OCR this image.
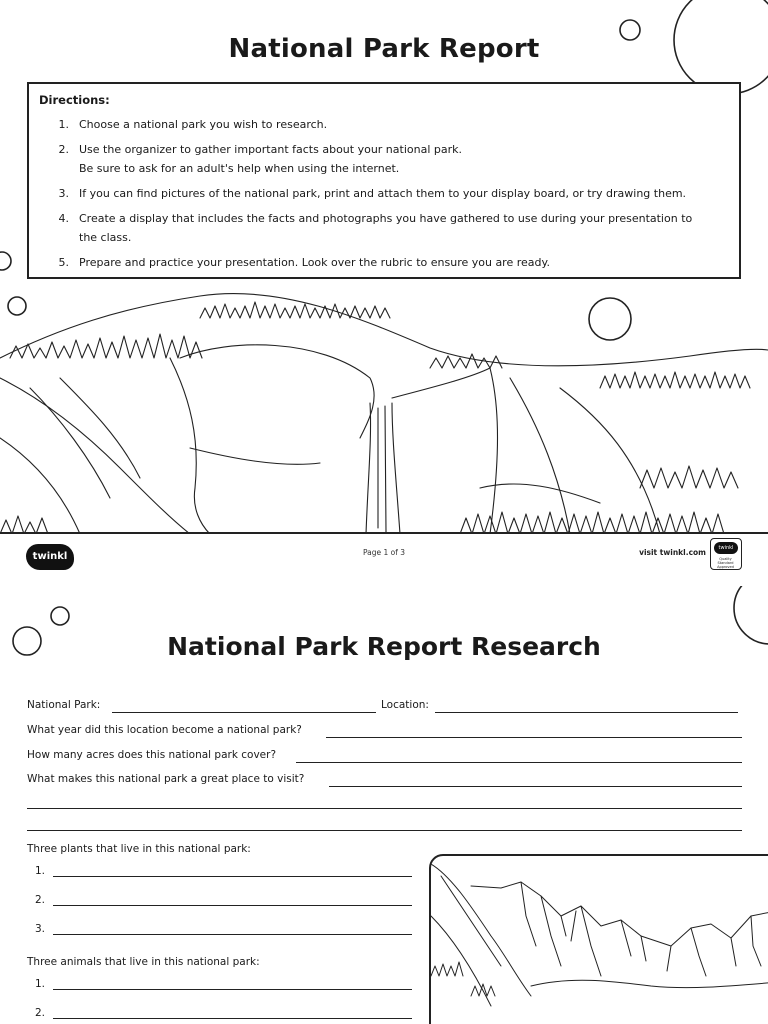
National Park Report
Directions:
1. Choose a national park you wish to research.
2. Use the organizer to gather important facts about your national park.
Be sure to ask for an adult's help when using the internet.
3. If you can find pictures of the national park, print and attach them to your display board, or try drawing them.
4. Create a display that includes the facts and photographs you have gathered to use during your presentation to
the class.
5. Prepare and practice your presentation. Look over the rubric to ensure you are ready.
twinkl	Page 1 of 3	visit twinkl.com	twinkl
Quality Standard Approved
National Park Report Research
National Park:	Location:
What year did this location become a national park?
How many acres does this national park cover?
What makes this national park a great place to visit?
Three plants that live in this national park:
1.
2.
3.
Three animals that live in this national park:
1.
2.
